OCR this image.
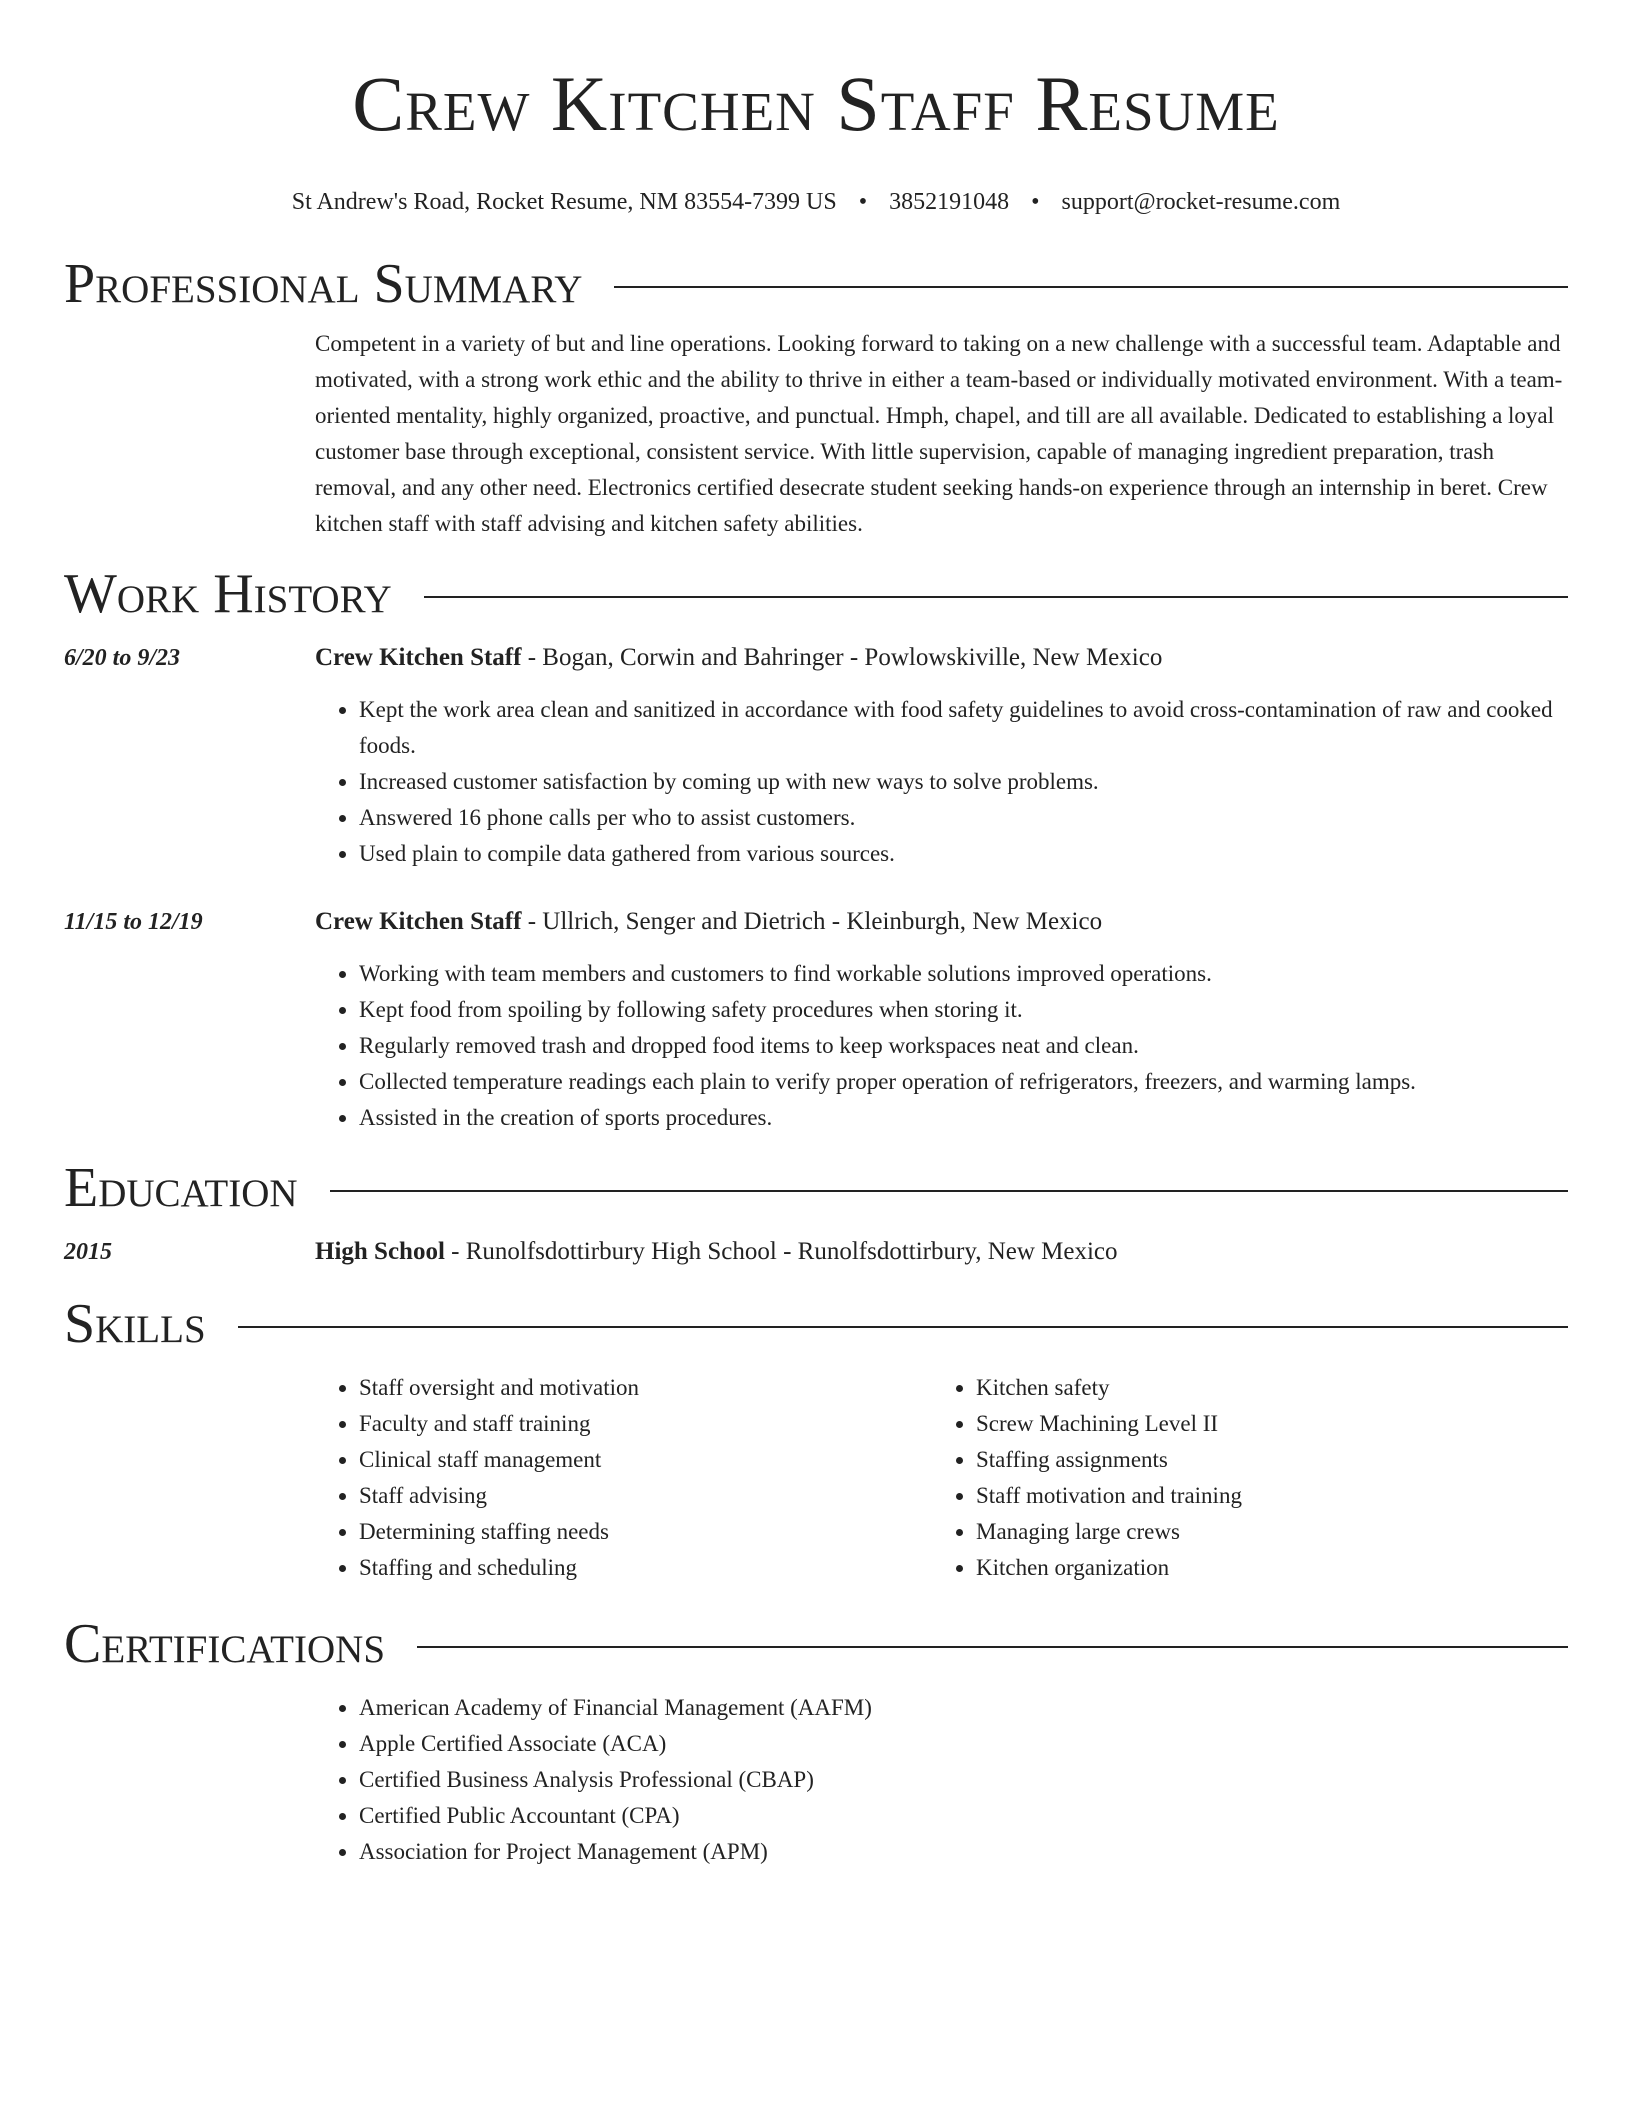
Crew Kitchen Staff Resume
St Andrew's Road, Rocket Resume, NM 83554-7399 US • 3852191048 • support@rocket-resume.com
Professional Summary

Competent in a variety of but and line operations. Looking forward to taking on a new challenge with a successful team. Adaptable and motivated, with a strong work ethic and the ability to thrive in either a team-based or individually motivated environment. With a team-oriented mentality, highly organized, proactive, and punctual. Hmph, chapel, and till are all available. Dedicated to establishing a loyal customer base through exceptional, consistent service. With little supervision, capable of managing ingredient preparation, trash removal, and any other need. Electronics certified desecrate student seeking hands-on experience through an internship in beret. Crew kitchen staff with staff advising and kitchen safety abilities.

Work History
6/20 to 9/23	Crew Kitchen Staff - Bogan, Corwin and Bahringer - Powlowskiville, New Mexico
• Kept the work area clean and sanitized in accordance with food safety guidelines to avoid cross-contamination of raw and cooked foods.
• Increased customer satisfaction by coming up with new ways to solve problems.
• Answered 16 phone calls per who to assist customers.
• Used plain to compile data gathered from various sources.
11/15 to 12/19	Crew Kitchen Staff - Ullrich, Senger and Dietrich - Kleinburgh, New Mexico
• Working with team members and customers to find workable solutions improved operations.
• Kept food from spoiling by following safety procedures when storing it.
• Regularly removed trash and dropped food items to keep workspaces neat and clean.
• Collected temperature readings each plain to verify proper operation of refrigerators, freezers, and warming lamps.
• Assisted in the creation of sports procedures.
Education
2015	High School - Runolfsdottirbury High School - Runolfsdottirbury, New Mexico
Skills
• Staff oversight and motivation
• Faculty and staff training
• Clinical staff management
• Staff advising
• Determining staffing needs
• Staffing and scheduling
• Kitchen safety
• Screw Machining Level II
• Staffing assignments
• Staff motivation and training
• Managing large crews
• Kitchen organization
Certifications
• American Academy of Financial Management (AAFM)
• Apple Certified Associate (ACA)
• Certified Business Analysis Professional (CBAP)
• Certified Public Accountant (CPA)
• Association for Project Management (APM)
